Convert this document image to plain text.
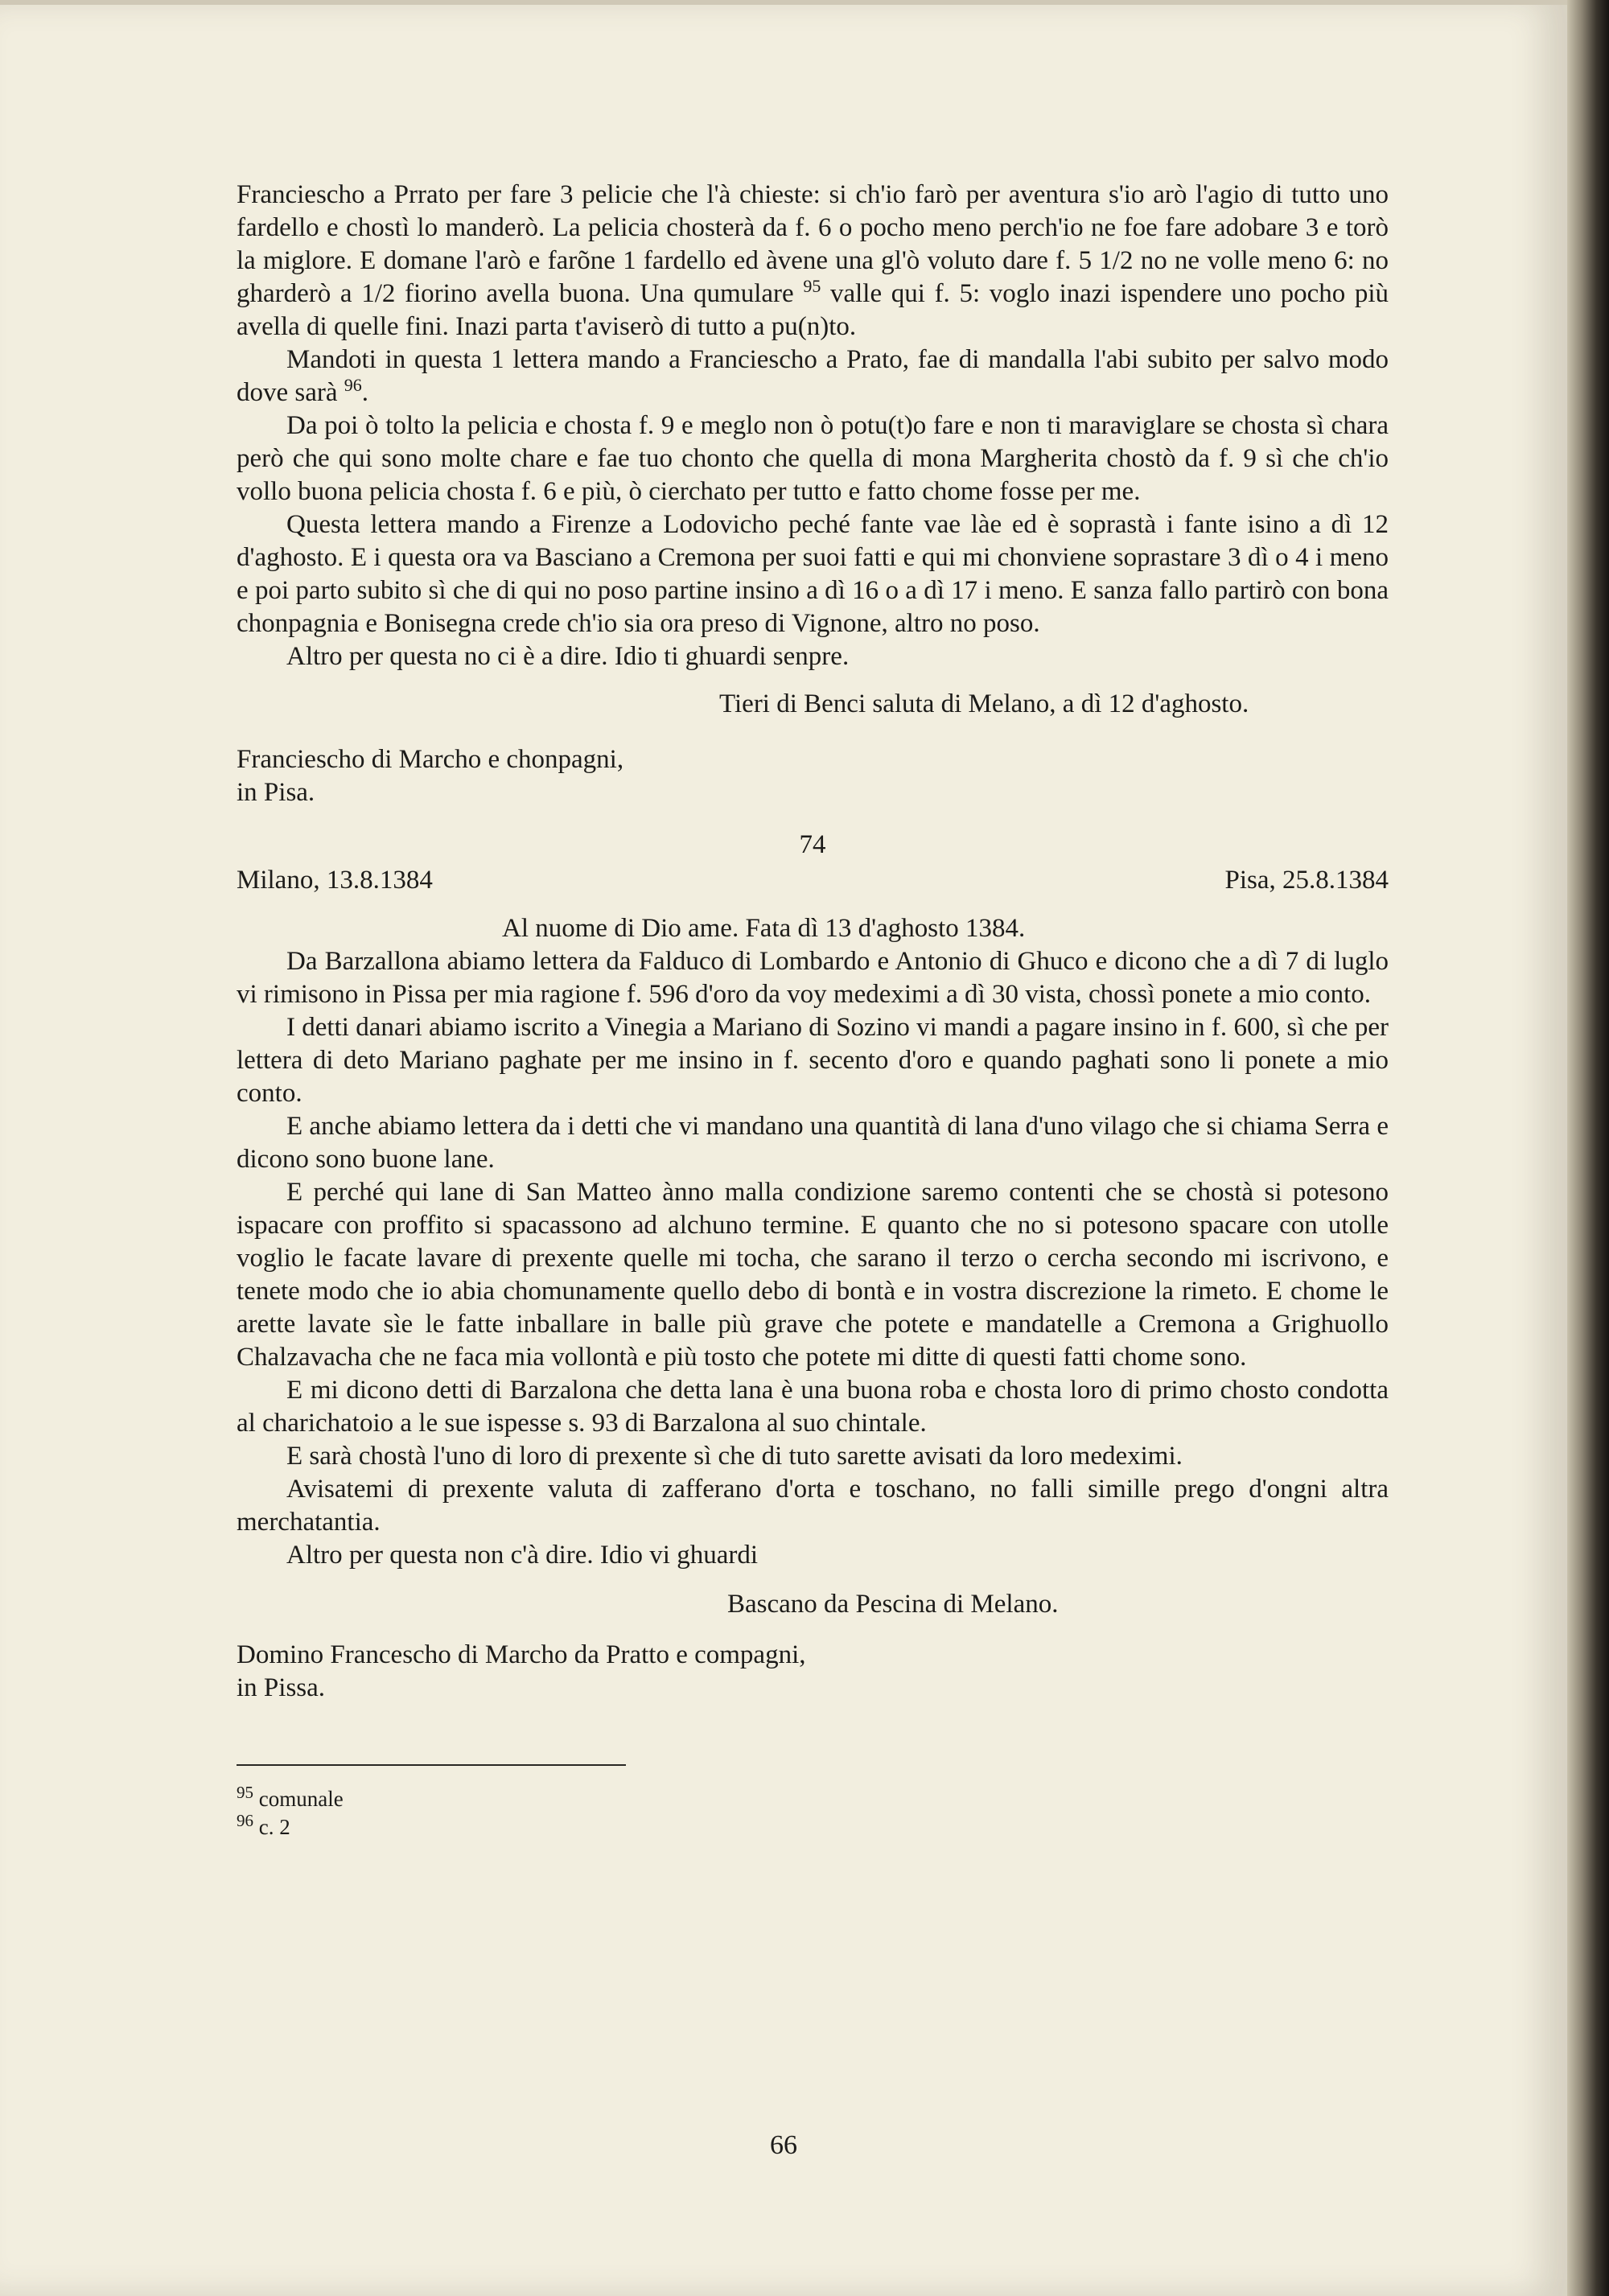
Franciescho a Prrato per fare 3 pelicie che l'à chieste: si ch'io farò per aventura s'io arò l'agio di tutto uno fardello e chostì lo manderò. La pelicia chosterà da f. 6 o pocho meno perch'io ne foe fare adobare 3 e torò la miglore. E domane l'arò e farõne 1 fardello ed àvene una gl'ò voluto dare f. 5 1/2 no ne volle meno 6: no gharderò a 1/2 fiorino avella buona. Una qumulare $^{95}$ valle qui f. 5: voglo inazi ispendere uno pocho più avella di quelle fini. Inazi parta t'aviserò di tutto a pu(n)to.

Mandoti in questa 1 lettera mando a Franciescho a Prato, fae di mandalla l'abi subito per salvo modo dove sarà $^{96}$.

Da poi ò tolto la pelicia e chosta f. 9 e meglo non ò potu(t)o fare e non ti maraviglare se chosta sì chara però che qui sono molte chare e fae tuo chonto che quella di mona Margherita chostò da f. 9 sì che ch'io vollo buona pelicia chosta f. 6 e più, ò cierchato per tutto e fatto chome fosse per me.

Questa lettera mando a Firenze a Lodovicho peché fante vae làe ed è soprastà i fante isino a dì 12 d'aghosto. E i questa ora va Basciano a Cremona per suoi fatti e qui mi chonviene soprastare 3 dì o 4 i meno e poi parto subito sì che di qui no poso partine insino a dì 16 o a dì 17 i meno. E sanza fallo partirò con bona chonpagnia e Bonisegna crede ch'io sia ora preso di Vignone, altro no poso.

Altro per questa no ci è a dire. Idio ti ghuardi senpre.

Tieri di Benci saluta di Melano, a dì 12 d'aghosto.

Franciescho di Marcho e chonpagni,
in Pisa.
74
Milano, 13.8.1384	Pisa, 25.8.1384

Al nuome di Dio ame. Fata dì 13 d'aghosto 1384.

Da Barzallona abiamo lettera da Falduco di Lombardo e Antonio di Ghuco e dicono che a dì 7 di luglo vi rimisono in Pissa per mia ragione f. 596 d'oro da voy medeximi a dì 30 vista, chossì ponete a mio conto.

I detti danari abiamo iscrito a Vinegia a Mariano di Sozino vi mandi a pagare insino in f. 600, sì che per lettera di deto Mariano paghate per me insino in f. secento d'oro e quando paghati sono li ponete a mio conto.

E anche abiamo lettera da i detti che vi mandano una quantità di lana d'uno vilago che si chiama Serra e dicono sono buone lane.

E perché qui lane di San Matteo ànno malla condizione saremo contenti che se chostà si potesono ispacare con proffito si spacassono ad alchuno termine. E quanto che no si potesono spacare con utolle voglio le facate lavare di prexente quelle mi tocha, che sarano il terzo o cercha secondo mi iscrivono, e tenete modo che io abia chomunamente quello debo di bontà e in vostra discrezione la rimeto. E chome le arette lavate sìe le fatte inballare in balle più grave che potete e mandatelle a Cremona a Grighuollo Chalzavacha che ne faca mia vollontà e più tosto che potete mi ditte di questi fatti chome sono.

E mi dicono detti di Barzalona che detta lana è una buona roba e chosta loro di primo chosto condotta al charichatoio a le sue ispesse s. 93 di Barzalona al suo chintale.

E sarà chostà l'uno di loro di prexente sì che di tuto sarette avisati da loro medeximi.

Avisatemi di prexente valuta di zafferano d'orta e toschano, no falli simille prego d'ongni altra merchatantia.

Altro per questa non c'à dire. Idio vi ghuardi

Bascano da Pescina di Melano.

Domino Francescho di Marcho da Pratto e compagni,
in Pissa.
$^{95}$ comunale
$^{96}$ c. 2
66
